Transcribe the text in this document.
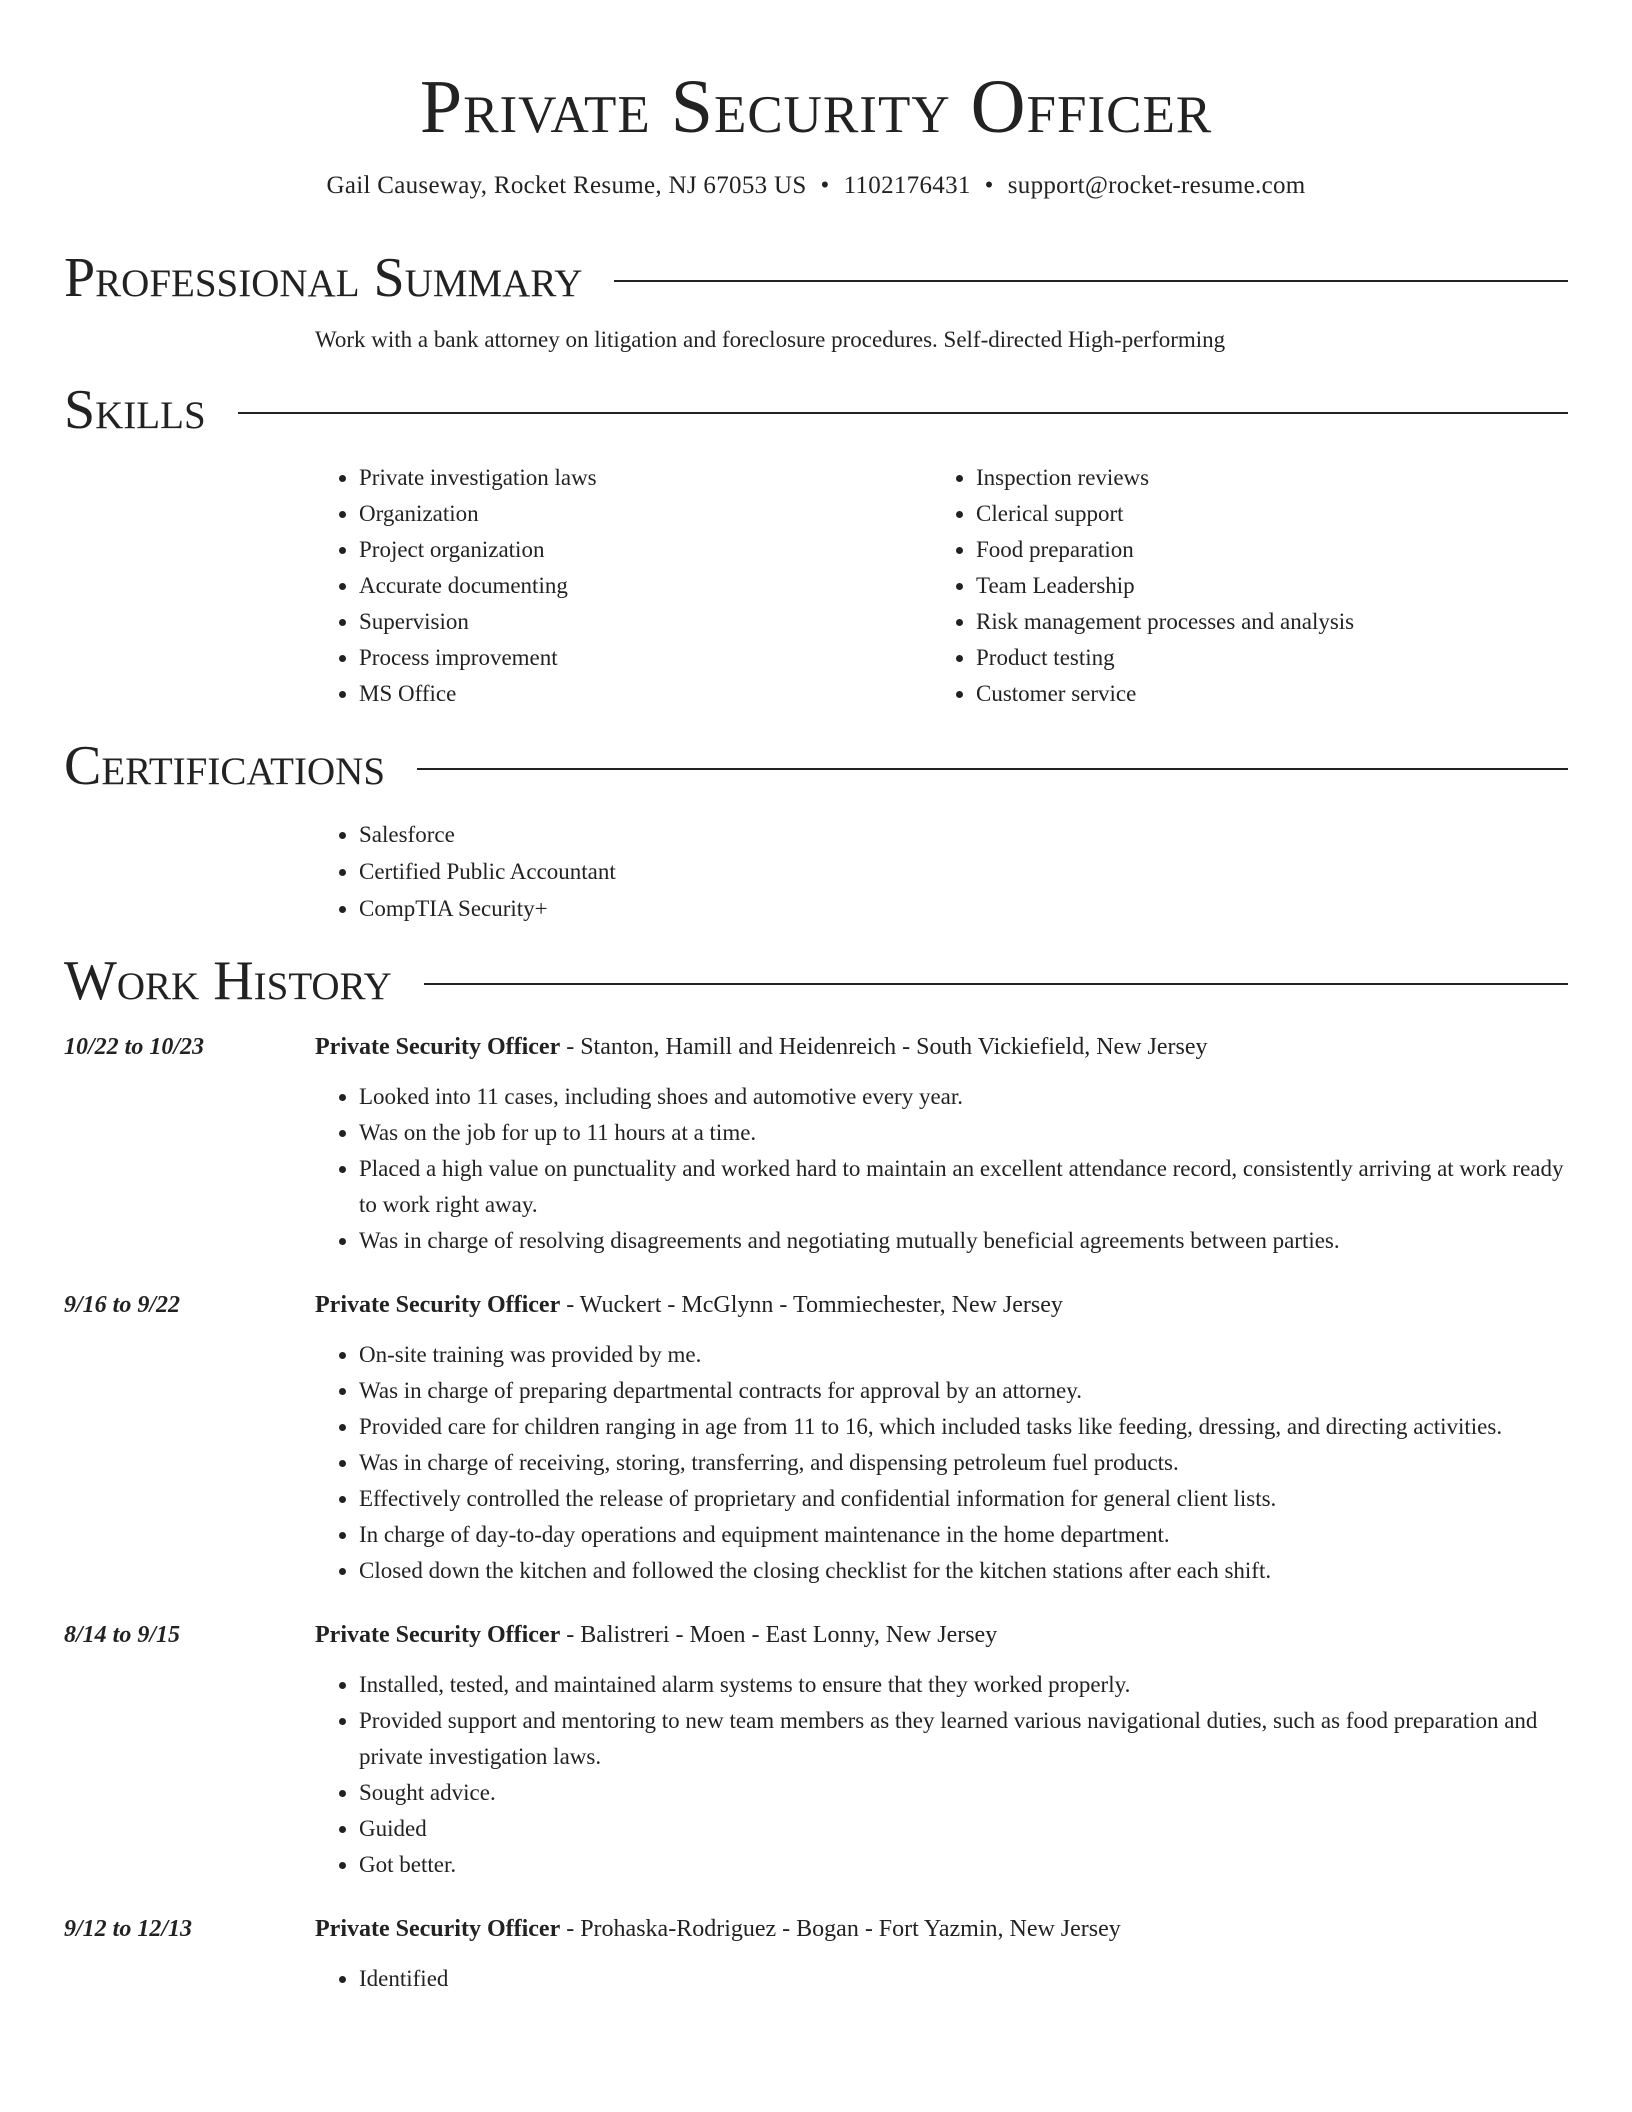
Private Security Officer
Gail Causeway, Rocket Resume, NJ 67053 US • 1102176431 • support@rocket-resume.com
Professional Summary
Work with a bank attorney on litigation and foreclosure procedures. Self-directed High-performing
Skills
• Private investigation laws
• Organization
• Project organization
• Accurate documenting
• Supervision
• Process improvement
• MS Office
• Inspection reviews
• Clerical support
• Food preparation
• Team Leadership
• Risk management processes and analysis
• Product testing
• Customer service
Certifications
• Salesforce
• Certified Public Accountant
• CompTIA Security+
Work History
10/22 to 10/23	Private Security Officer - Stanton, Hamill and Heidenreich - South Vickiefield, New Jersey
• Looked into 11 cases, including shoes and automotive every year.
• Was on the job for up to 11 hours at a time.
• Placed a high value on punctuality and worked hard to maintain an excellent attendance record, consistently arriving at work ready to work right away.
• Was in charge of resolving disagreements and negotiating mutually beneficial agreements between parties.
9/16 to 9/22	Private Security Officer - Wuckert - McGlynn - Tommiechester, New Jersey
• On-site training was provided by me.
• Was in charge of preparing departmental contracts for approval by an attorney.
• Provided care for children ranging in age from 11 to 16, which included tasks like feeding, dressing, and directing activities.
• Was in charge of receiving, storing, transferring, and dispensing petroleum fuel products.
• Effectively controlled the release of proprietary and confidential information for general client lists.
• In charge of day-to-day operations and equipment maintenance in the home department.
• Closed down the kitchen and followed the closing checklist for the kitchen stations after each shift.
8/14 to 9/15	Private Security Officer - Balistreri - Moen - East Lonny, New Jersey
• Installed, tested, and maintained alarm systems to ensure that they worked properly.
• Provided support and mentoring to new team members as they learned various navigational duties, such as food preparation and private investigation laws.
• Sought advice.
• Guided
• Got better.
9/12 to 12/13	Private Security Officer - Prohaska-Rodriguez - Bogan - Fort Yazmin, New Jersey
• Identified
